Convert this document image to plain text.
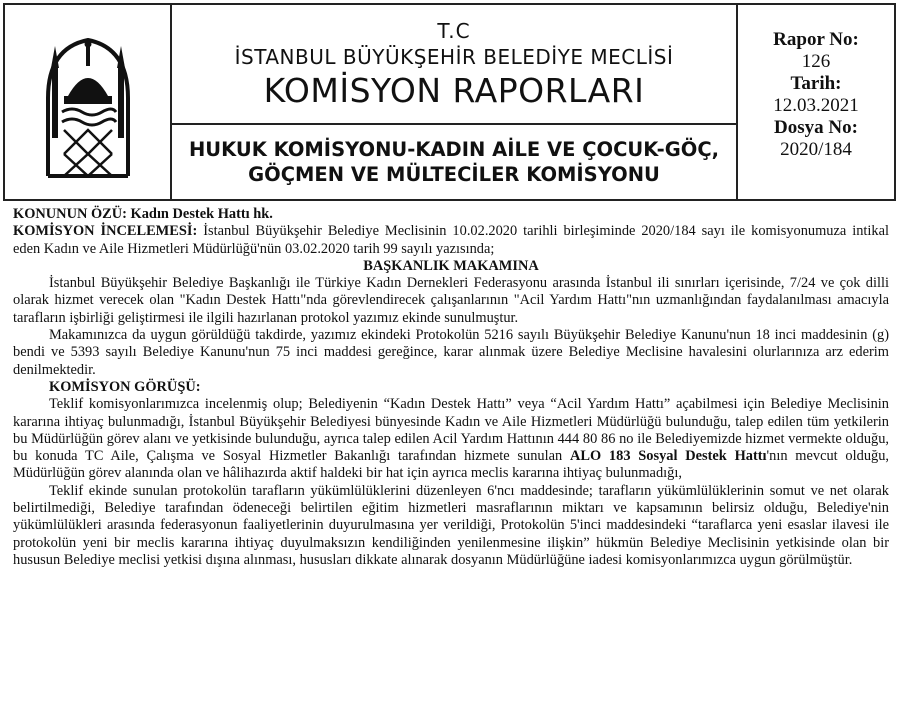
T.C
İSTANBUL BÜYÜKŞEHİR BELEDİYE MECLİSİ
KOMİSYON RAPORLARI
HUKUK KOMİSYONU-KADIN AİLE VE ÇOCUK-GÖÇ,
GÖÇMEN VE MÜLTECİLER KOMİSYONU
Rapor No:
126
Tarih:
12.03.2021
Dosya No:
2020/184

KONUNUN ÖZÜ: Kadın Destek Hattı hk.

KOMİSYON İNCELEMESİ: İstanbul Büyükşehir Belediye Meclisinin 10.02.2020 tarihli birleşiminde 2020/184 sayı ile komisyonumuza intikal eden Kadın ve Aile Hizmetleri Müdürlüğü'nün 03.02.2020 tarih 99 sayılı yazısında;

BAŞKANLIK MAKAMINA

İstanbul Büyükşehir Belediye Başkanlığı ile Türkiye Kadın Dernekleri Federasyonu arasında İstanbul ili sınırları içerisinde, 7/24 ve çok dilli olarak hizmet verecek olan "Kadın Destek Hattı"nda görevlendirecek çalışanlarının "Acil Yardım Hattı"nın uzmanlığından faydalanılması amacıyla tarafların işbirliği geliştirmesi ile ilgili hazırlanan protokol yazımız ekinde sunulmuştur.

Makamınızca da uygun görüldüğü takdirde, yazımız ekindeki Protokolün 5216 sayılı Büyükşehir Belediye Kanunu'nun 18 inci maddesinin (g) bendi ve 5393 sayılı Belediye Kanunu'nun 75 inci maddesi gereğince, karar alınmak üzere Belediye Meclisine havalesini olurlarınıza arz ederim denilmektedir.

KOMİSYON GÖRÜŞÜ:

Teklif komisyonlarımızca incelenmiş olup; Belediyenin “Kadın Destek Hattı” veya “Acil Yardım Hattı” açabilmesi için Belediye Meclisinin kararına ihtiyaç bulunmadığı, İstanbul Büyükşehir Belediyesi bünyesinde Kadın ve Aile Hizmetleri Müdürlüğü bulunduğu, talep edilen tüm yetkilerin bu Müdürlüğün görev alanı ve yetkisinde bulunduğu, ayrıca talep edilen Acil Yardım Hattının 444 80 86 no ile Belediyemizde hizmet vermekte olduğu, bu konuda TC Aile, Çalışma ve Sosyal Hizmetler Bakanlığı tarafından hizmete sunulan ALO 183 Sosyal Destek Hattı'nın mevcut olduğu, Müdürlüğün görev alanında olan ve hâlihazırda aktif haldeki bir hat için ayrıca meclis kararına ihtiyaç bulunmadığı,

Teklif ekinde sunulan protokolün tarafların yükümlülüklerini düzenleyen 6'ncı maddesinde; tarafların yükümlülüklerinin somut ve net olarak belirtilmediği, Belediye tarafından ödeneceği belirtilen eğitim hizmetleri masraflarının miktarı ve kapsamının belirsiz olduğu, Belediye'nin yükümlülükleri arasında federasyonun faaliyetlerinin duyurulmasına yer verildiği, Protokolün 5'inci maddesindeki “taraflarca yeni esaslar ilavesi ile protokolün yeni bir meclis kararına ihtiyaç duyulmaksızın kendiliğinden yenilenmesine ilişkin” hükmün Belediye Meclisinin yetkisinde olan bir hususun Belediye meclisi yetkisi dışına alınması, hususları dikkate alınarak dosyanın Müdürlüğüne iadesi komisyonlarımızca uygun görülmüştür.
